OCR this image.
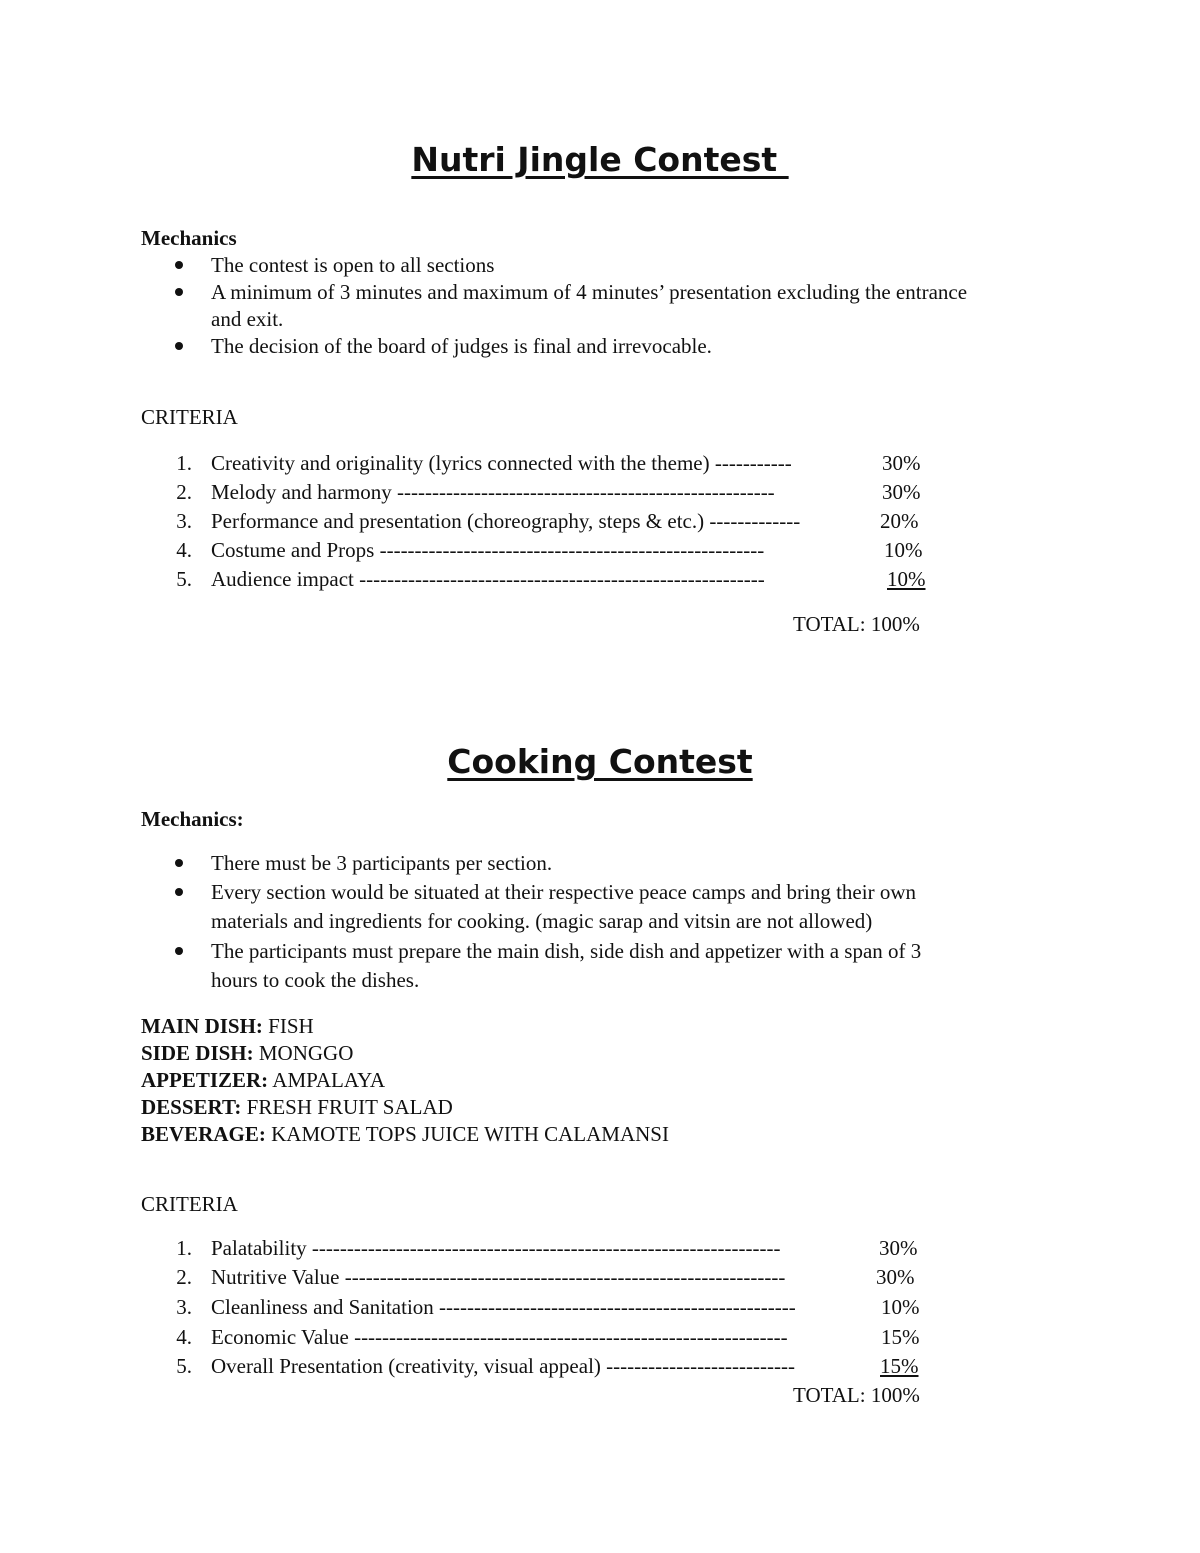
Nutri Jingle Contest
Mechanics
The contest is open to all sections
A minimum of 3 minutes and maximum of 4 minutes’ presentation excluding the entrance
and exit.
The decision of the board of judges is final and irrevocable.
CRITERIA
1. Creativity and originality (lyrics connected with the theme) -----------	30%
2. Melody and harmony ------------------------------------------------------	30%
3. Performance and presentation (choreography, steps & etc.) -------------	20%
4. Costume and Props -------------------------------------------------------	10%
5. Audience impact ----------------------------------------------------------	10%
TOTAL: 100%
Cooking Contest
Mechanics:
There must be 3 participants per section.
Every section would be situated at their respective peace camps and bring their own
materials and ingredients for cooking. (magic sarap and vitsin are not allowed)
The participants must prepare the main dish, side dish and appetizer with a span of 3
hours to cook the dishes.
MAIN DISH: FISH
SIDE DISH: MONGGO
APPETIZER: AMPALAYA
DESSERT: FRESH FRUIT SALAD
BEVERAGE: KAMOTE TOPS JUICE WITH CALAMANSI
CRITERIA
1. Palatability -------------------------------------------------------------------	30%
2. Nutritive Value ---------------------------------------------------------------	30%
3. Cleanliness and Sanitation ---------------------------------------------------	10%
4. Economic Value --------------------------------------------------------------	15%
5. Overall Presentation (creativity, visual appeal) ---------------------------	15%
TOTAL: 100%
